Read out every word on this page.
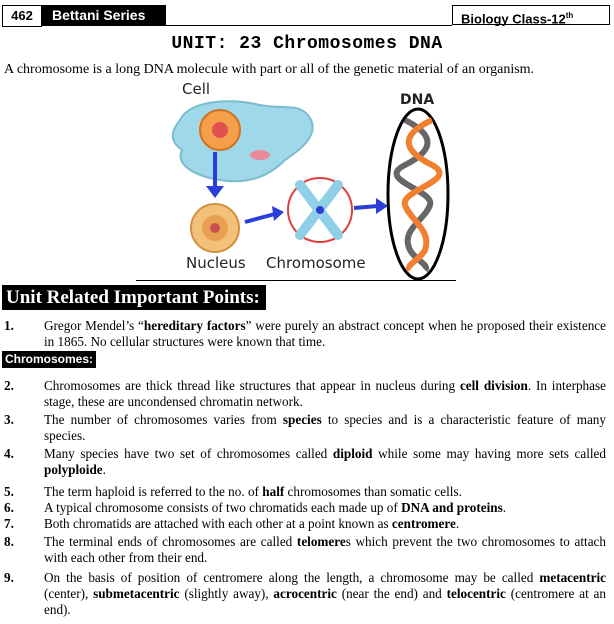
462	Bettani Series	Biology Class-12th
UNIT: 23 Chromosomes DNA
A chromosome is a long DNA molecule with part or all of the genetic material of an organism.
Cell
DNA
Nucleus Chromosome
Unit Related Important Points:
1. Gregor Mendel’s “hereditary factors” were purely an abstract concept when he proposed their existence in 1865. No cellular structures were known that time.
2. Chromosomes are thick thread like structures that appear in nucleus during cell division. In interphase stage, these are uncondensed chromatin network.
3. The number of chromosomes varies from species to species and is a characteristic feature of many species.
4. Many species have two set of chromosomes called diploid while some may having more sets called polyploide.
5. The term haploid is referred to the no. of half chromosomes than somatic cells.
6. A typical chromosome consists of two chromatids each made up of DNA and proteins.
7. Both chromatids are attached with each other at a point known as centromere.
8. The terminal ends of chromosomes are called telomeres which prevent the two chromosomes to attach with each other from their end.
9. On the basis of position of centromere along the length, a chromosome may be called metacentric (center), submetacentric (slightly away), acrocentric (near the end) and telocentric (centromere at an end).
Chromosomes:
